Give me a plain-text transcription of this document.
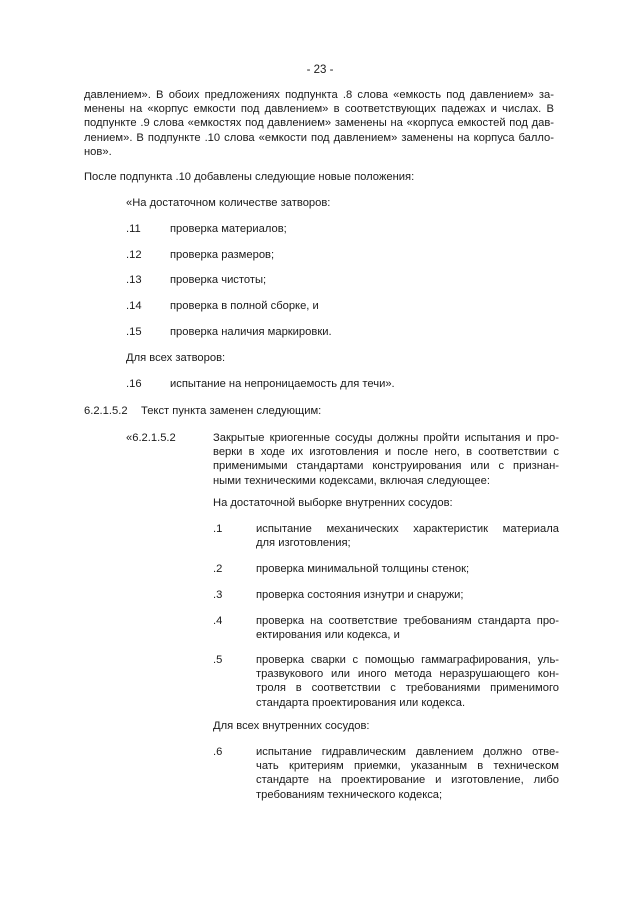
- 23 -
давлением». В обоих предложениях подпункта .8 слова «емкость под давлением» за-
менены на «корпус емкости под давлением» в соответствующих падежах и числах. В
подпункте .9 слова «емкостях под давлением» заменены на «корпуса емкостей под дав-
лением». В подпункте .10 слова «емкости под давлением» заменены на корпуса балло-
нов».
После подпункта .10 добавлены следующие новые положения:
«На достаточном количестве затворов:
.11	проверка материалов;
.12	проверка размеров;
.13	проверка чистоты;
.14	проверка в полной сборке, и
.15	проверка наличия маркировки.
Для всех затворов:
.16	испытание на непроницаемость для течи».
6.2.1.5.2 Текст пункта заменен следующим:
«6.2.1.5.2	Закрытые криогенные сосуды должны пройти испытания и про-
верки в ходе их изготовления и после него, в соответствии с
применимыми стандартами конструирования или с признан-
ными техническими кодексами, включая следующее:
На достаточной выборке внутренних сосудов:
.1	испытание механических характеристик материала
для изготовления;
.2	проверка минимальной толщины стенок;
.3	проверка состояния изнутри и снаружи;
.4	проверка на соответствие требованиям стандарта про-
ектирования или кодекса, и
.5	проверка сварки с помощью гаммаграфирования, уль-
тразвукового или иного метода неразрушающего кон-
троля в соответствии с требованиями применимого
стандарта проектирования или кодекса.
Для всех внутренних сосудов:
.6	испытание гидравлическим давлением должно отве-
чать критериям приемки, указанным в техническом
стандарте на проектирование и изготовление, либо
требованиям технического кодекса;
